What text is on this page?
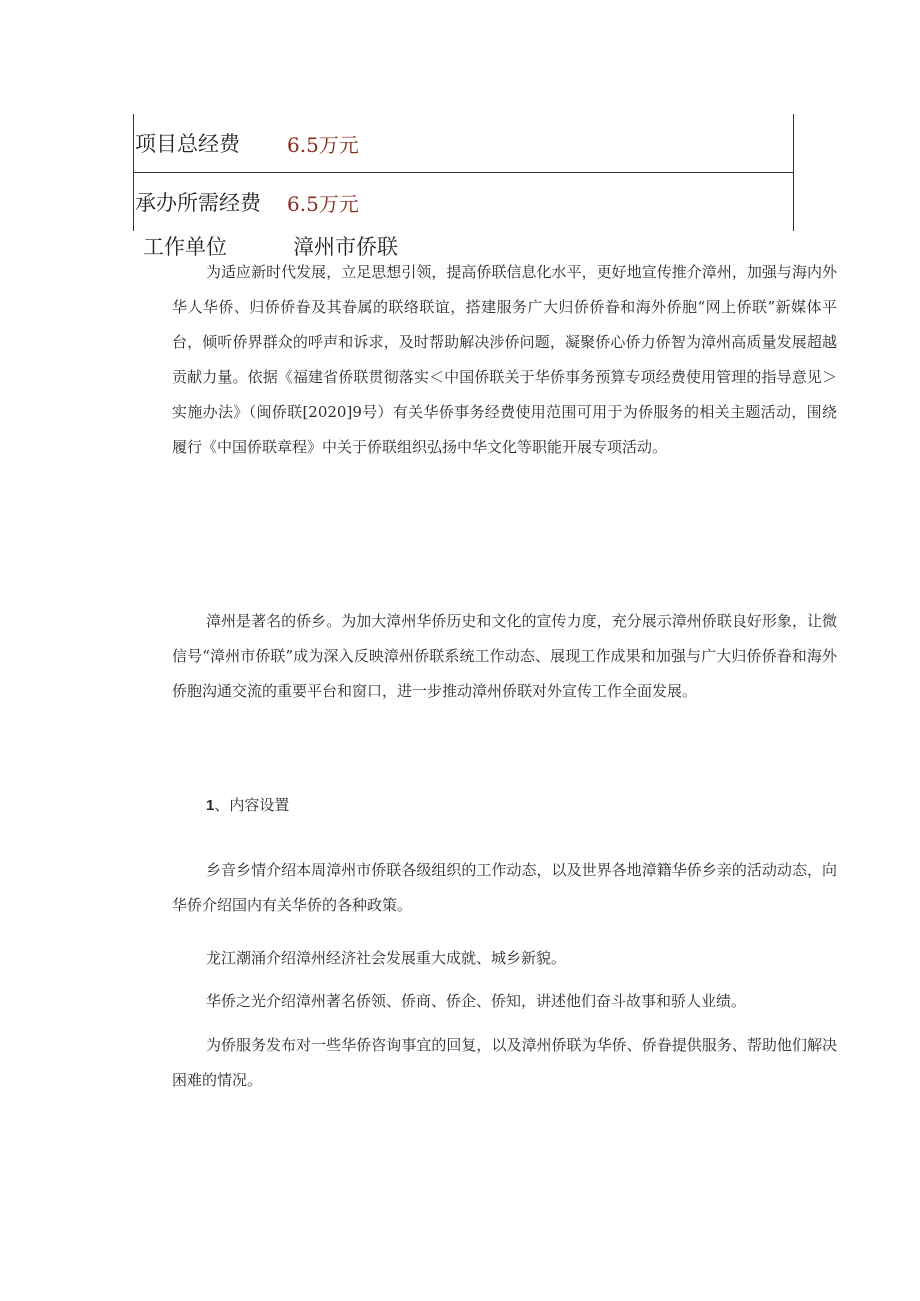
项目总经费 6.5万元
承办所需经费 6.5万元
工作单位	漳州市侨联

为适应新时代发展，立足思想引领，提高侨联信息化水平，更好地宣传推介漳州，加强与海内外华人华侨、归侨侨眷及其眷属的联络联谊，搭建服务广大归侨侨眷和海外侨胞“网上侨联”新媒体平台，倾听侨界群众的呼声和诉求，及时帮助解决涉侨问题，凝聚侨心侨力侨智为漳州高质量发展超越贡献力量。依据《福建省侨联贯彻落实＜中国侨联关于华侨事务预算专项经费使用管理的指导意见＞实施办法》（闽侨联[2020]9号）有关华侨事务经费使用范围可用于为侨服务的相关主题活动，围绕履行《中国侨联章程》中关于侨联组织弘扬中华文化等职能开展专项活动。

漳州是著名的侨乡。为加大漳州华侨历史和文化的宣传力度，充分展示漳州侨联良好形象，让微信号“漳州市侨联”成为深入反映漳州侨联系统工作动态、展现工作成果和加强与广大归侨侨眷和海外侨胞沟通交流的重要平台和窗口，进一步推动漳州侨联对外宣传工作全面发展。

1、内容设置

乡音乡情介绍本周漳州市侨联各级组织的工作动态，以及世界各地漳籍华侨乡亲的活动动态，向华侨介绍国内有关华侨的各种政策。

龙江潮涌介绍漳州经济社会发展重大成就、城乡新貌。

华侨之光介绍漳州著名侨领、侨商、侨企、侨知，讲述他们奋斗故事和骄人业绩。

为侨服务发布对一些华侨咨询事宜的回复，以及漳州侨联为华侨、侨眷提供服务、帮助他们解决困难的情况。
